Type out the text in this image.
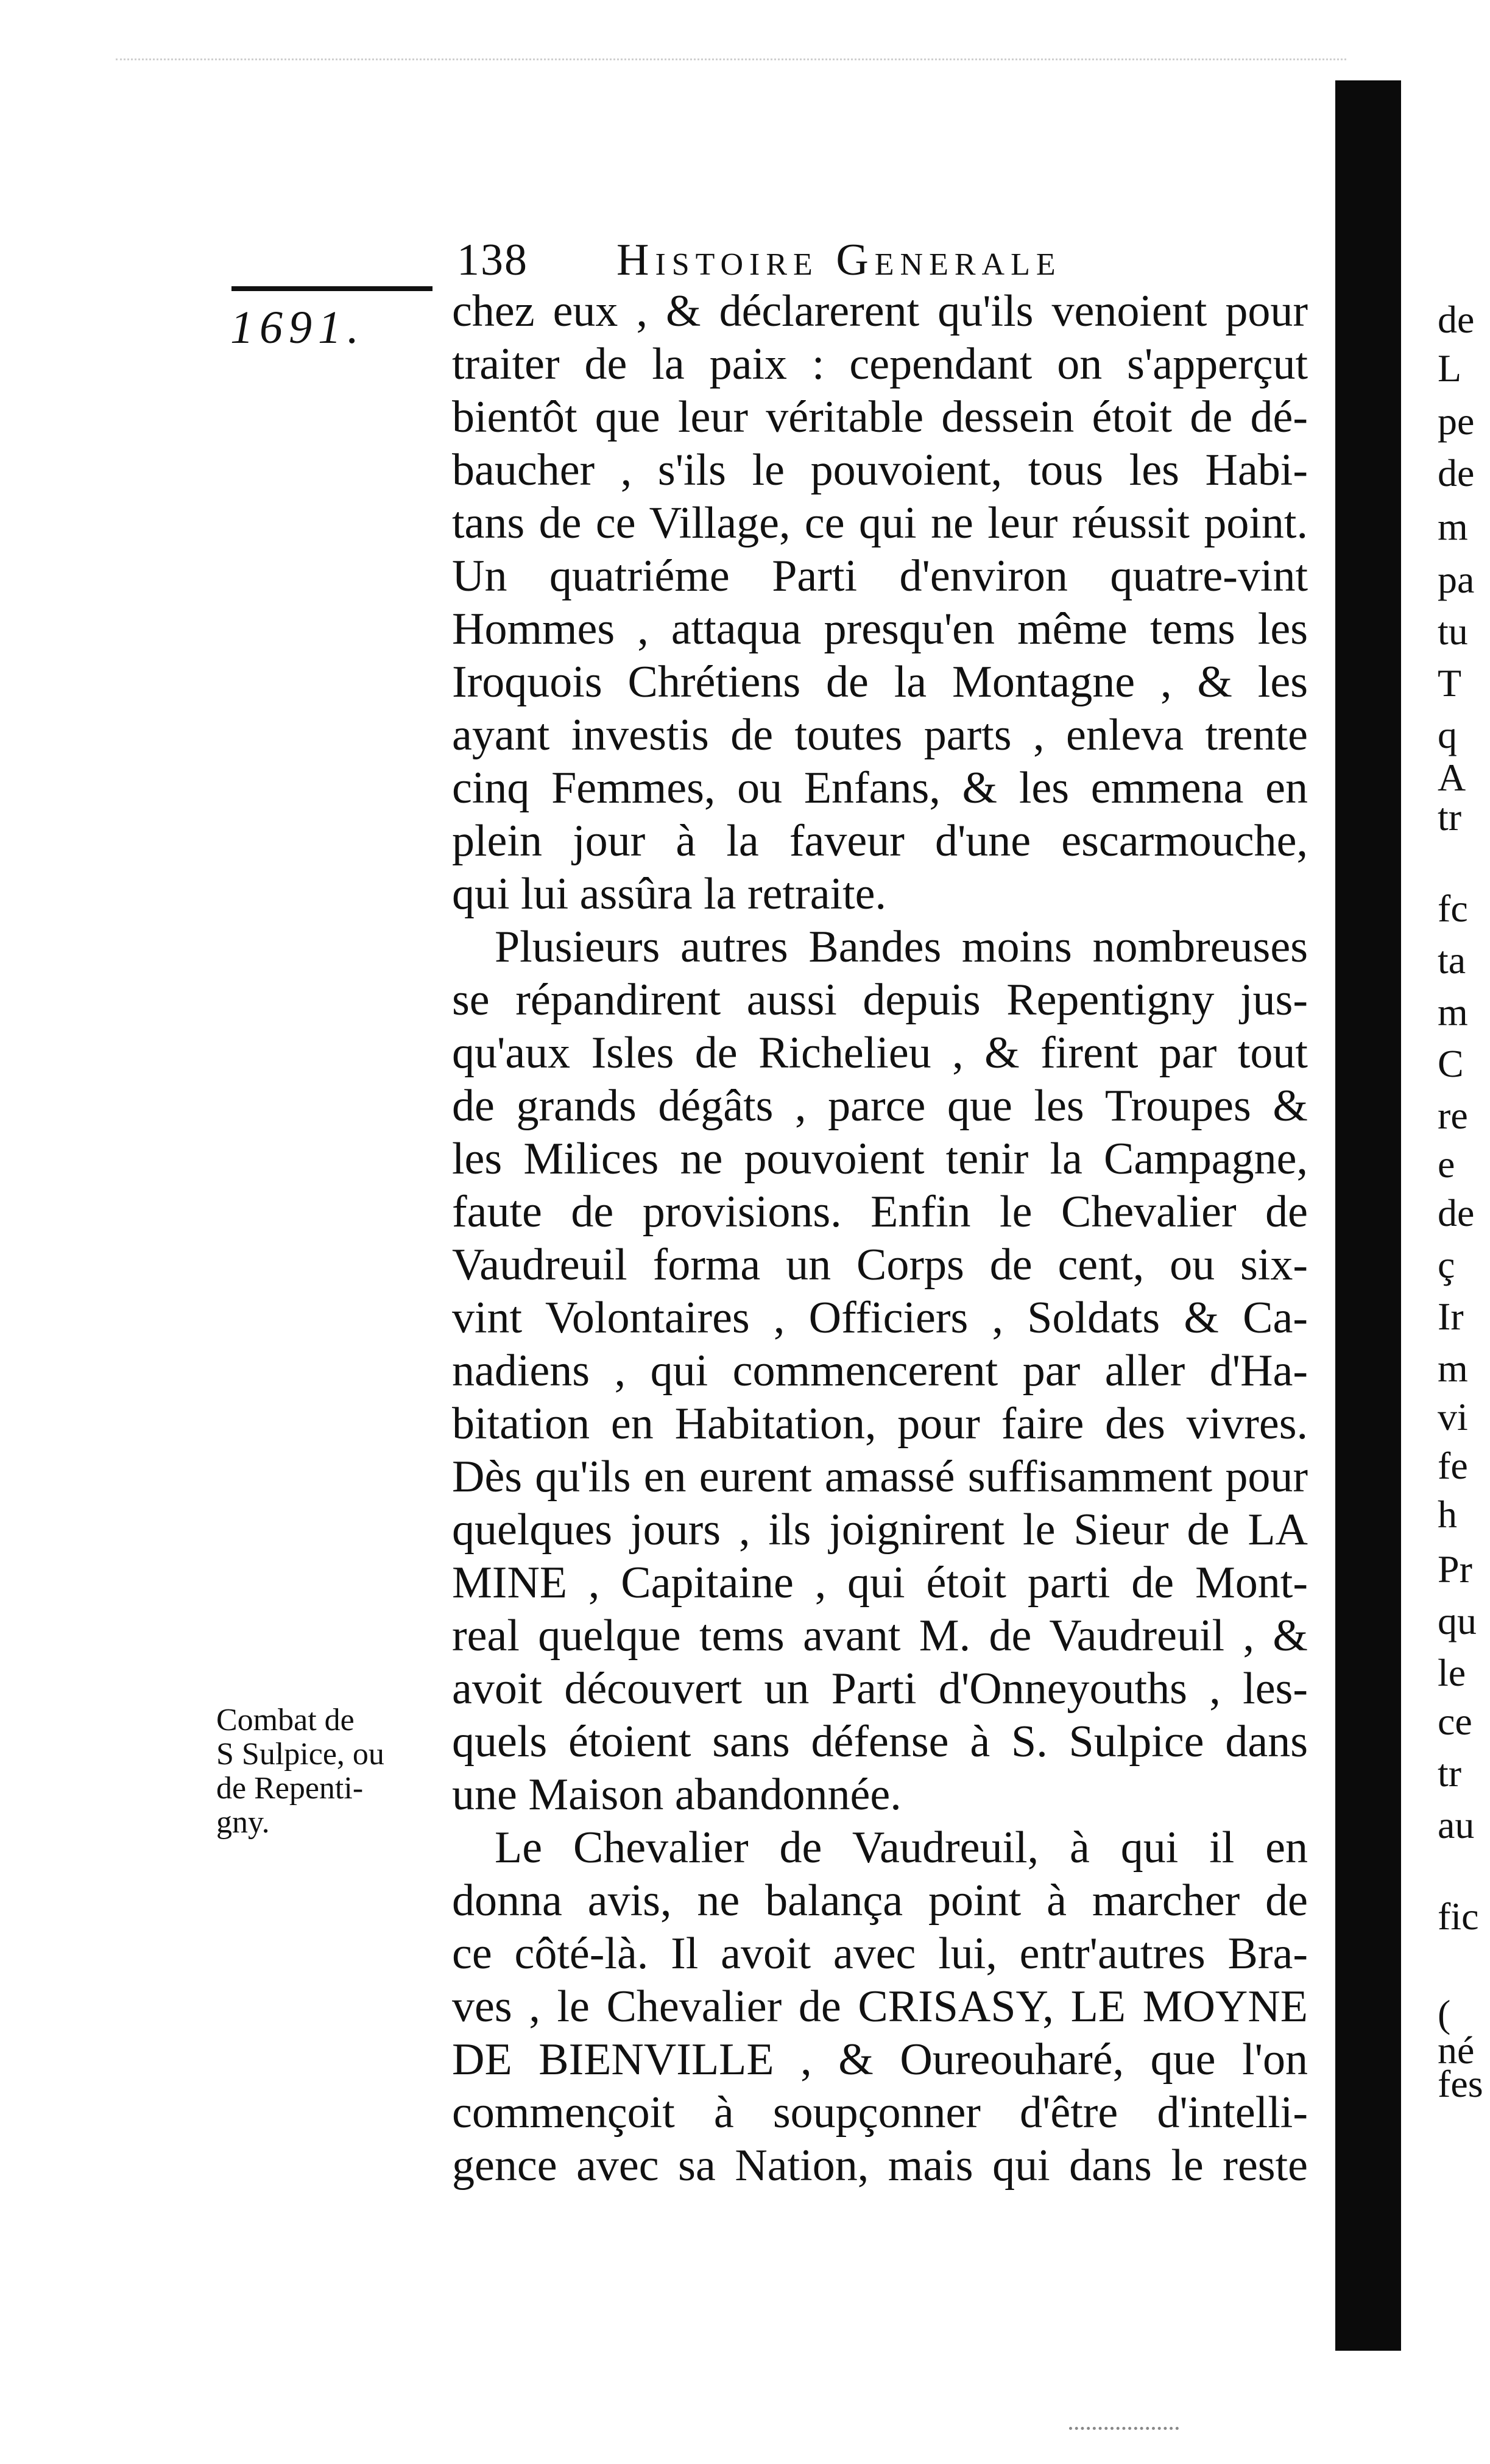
138 Histoire Generale
1691. chez eux , & déclarerent qu'ils venoient pour
traiter de la paix : cependant on s'apperçut
bientôt que leur véritable dessein étoit de dé-
baucher , s'ils le pouvoient, tous les Habi-
tans de ce Village, ce qui ne leur réussit point.
Un quatriéme Parti d'environ quatre-vint
Hommes , attaqua presqu'en même tems les
Iroquois Chrétiens de la Montagne , & les
ayant investis de toutes parts , enleva trente
cinq Femmes, ou Enfans, & les emmena en
plein jour à la faveur d'une escarmouche,
qui lui assûra la retraite.
Plusieurs autres Bandes moins nombreuses
se répandirent aussi depuis Repentigny jus-
qu'aux Isles de Richelieu , & firent par tout
de grands dégâts , parce que les Troupes &
les Milices ne pouvoient tenir la Campagne,
faute de provisions. Enfin le Chevalier de
Vaudreuil forma un Corps de cent, ou six-
vint Volontaires , Officiers , Soldats & Ca-
nadiens , qui commencerent par aller d'Ha-
bitation en Habitation, pour faire des vivres.
Dès qu'ils en eurent amassé suffisamment pour
quelques jours , ils joignirent le Sieur de LA
MINE , Capitaine , qui étoit parti de Mont-
real quelque tems avant M. de Vaudreuil , &
avoit découvert un Parti d'Onneyouths , les-
quels étoient sans défense à S. Sulpice dans
une Maison abandonnée.
Le Chevalier de Vaudreuil, à qui il en
donna avis, ne balança point à marcher de
ce côté-là. Il avoit avec lui, entr'autres Bra-
ves , le Chevalier de CRISASY, LE MOYNE
DE BIENVILLE , & Oureouharé, que l'on
commençoit à soupçonner d'être d'intelli-
gence avec sa Nation, mais qui dans le reste
Combat de
S Sulpice, ou
de Repenti-
gny.
de
L
pe
de
m
pa
tu
T
q
A
tr
fc
ta
m
C
re
e
de
ç
Ir
m
vi
fe
h
Pr
qu
le
ce
tr
au
fic
(
né
fes
